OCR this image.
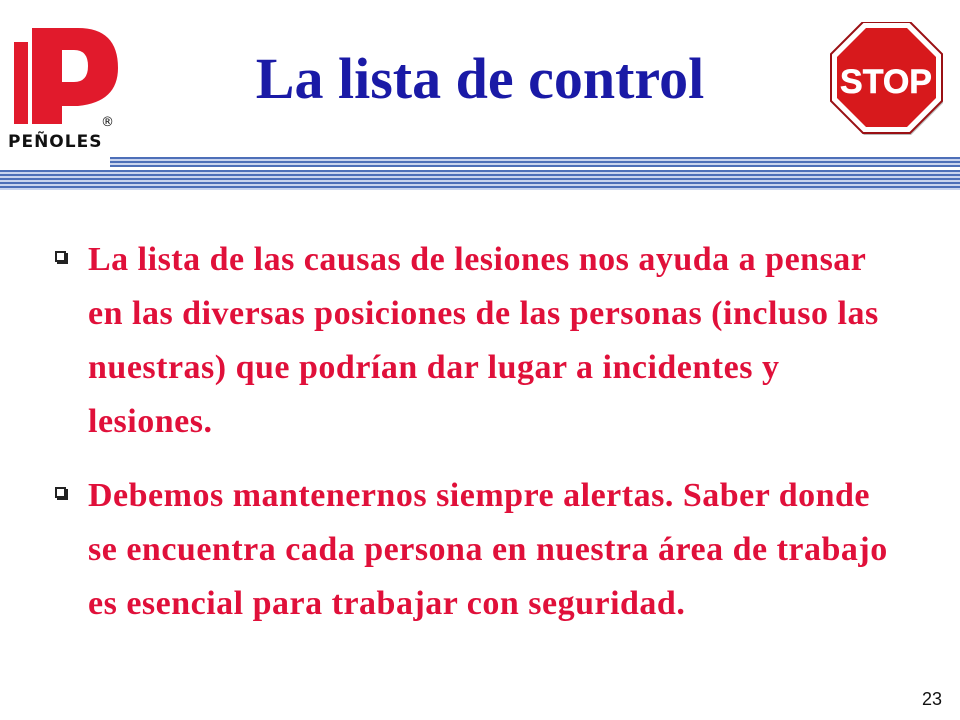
®
PEÑOLES
La lista de control	STOP
La lista de las causas de lesiones nos ayuda a pensar en las diversas posiciones de las personas (incluso las nuestras) que podrían dar lugar a incidentes y lesiones.
Debemos mantenernos siempre alertas. Saber donde se encuentra cada persona en nuestra área de trabajo es esencial para trabajar con seguridad.
23
